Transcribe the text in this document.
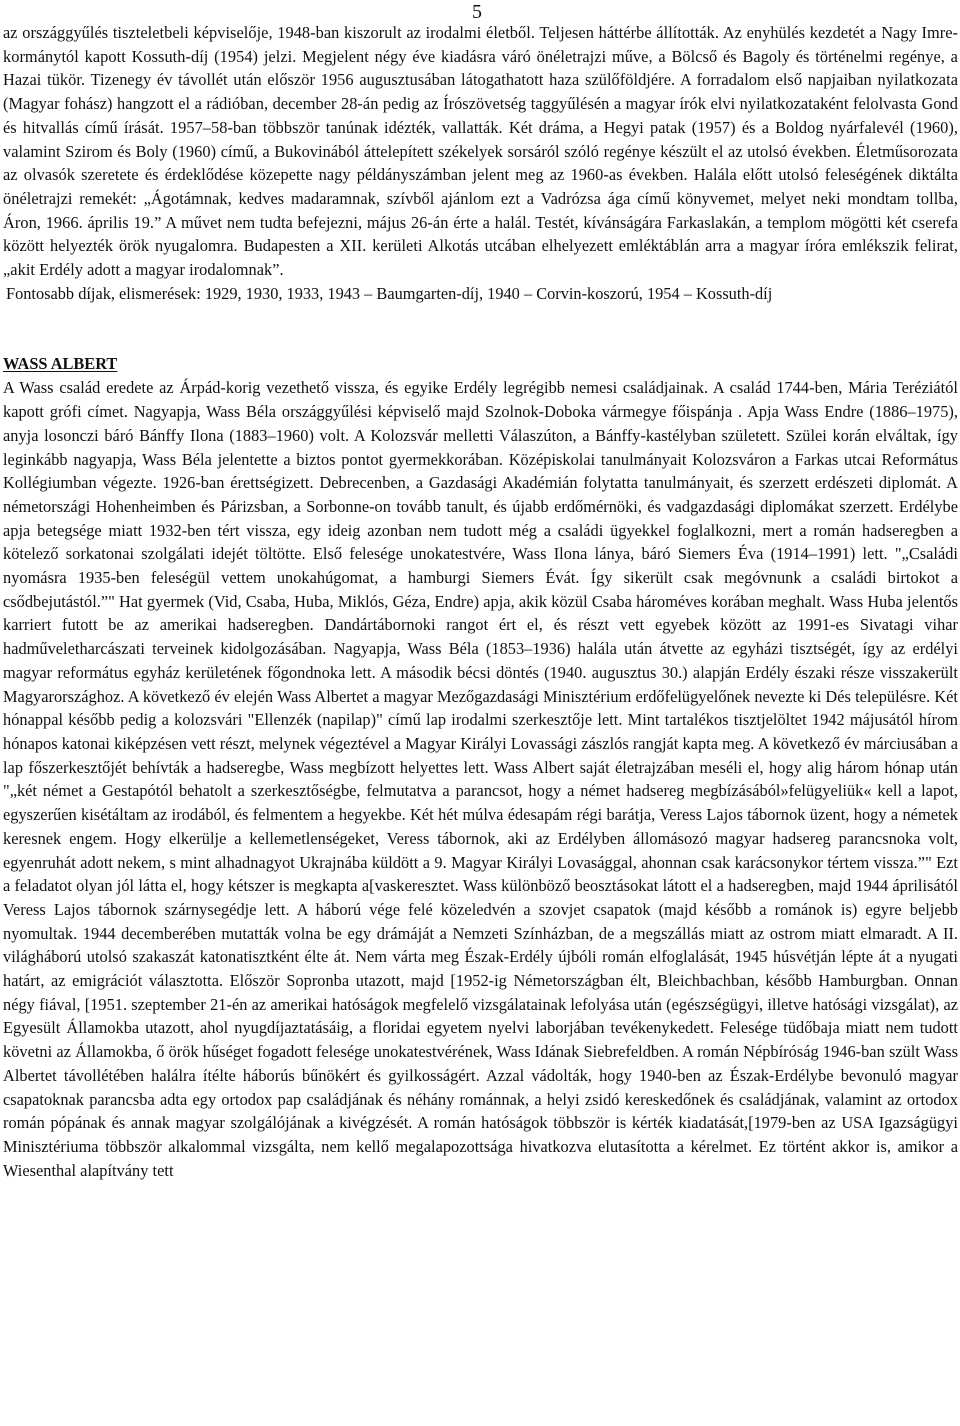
5

az országgyűlés tiszteletbeli képviselője, 1948-ban kiszorult az irodalmi életből. Teljesen háttérbe állították. Az enyhülés kezdetét a Nagy Imre-kormánytól kapott Kossuth-díj (1954) jelzi. Megjelent négy éve kiadásra váró önéletrajzi műve, a Bölcső és Bagoly és történelmi regénye, a Hazai tükör. Tizenegy év távollét után először 1956 augusztusában látogathatott haza szülőföldjére. A forradalom első napjaiban nyilatkozata (Magyar fohász) hangzott el a rádióban, december 28-án pedig az Írószövetség taggyűlésén a magyar írók elvi nyilatkozataként felolvasta Gond és hitvallás című írását. 1957–58-ban többször tanúnak idézték, vallatták. Két dráma, a Hegyi patak (1957) és a Boldog nyárfalevél (1960), valamint Szirom és Boly (1960) című, a Bukovinából áttelepített székelyek sorsáról szóló regénye készült el az utolsó években. Életműsorozata az olvasók szeretete és érdeklődése közepette nagy példányszámban jelent meg az 1960-as években. Halála előtt utolsó feleségének diktálta önéletrajzi remekét: „Ágotámnak, kedves madaramnak, szívből ajánlom ezt a Vadrózsa ága című könyvemet, melyet neki mondtam tollba, Áron, 1966. április 19.” A művet nem tudta befejezni, május 26-án érte a halál. Testét, kívánságára Farkaslakán, a templom mögötti két cserefa között helyezték örök nyugalomra. Budapesten a XII. kerületi Alkotás utcában elhelyezett emléktáblán arra a magyar íróra emlékszik felirat, „akit Erdély adott a magyar irodalomnak”.

Fontosabb díjak, elismerések: 1929, 1930, 1933, 1943 – Baumgarten-díj, 1940 – Corvin-koszorú, 1954 – Kossuth-díj

WASS ALBERT

A Wass család eredete az Árpád-korig vezethető vissza, és egyike Erdély legrégibb nemesi családjainak. A család 1744-ben, Mária Teréziától kapott grófi címet. Nagyapja, Wass Béla országgyűlési képviselő majd Szolnok-Doboka vármegye főispánja . Apja Wass Endre (1886–1975), anyja losonczi báró Bánffy Ilona (1883–1960) volt. A Kolozsvár melletti Válaszúton, a Bánffy-kastélyban született. Szülei korán elváltak, így leginkább nagyapja, Wass Béla jelentette a biztos pontot gyermekkorában. Középiskolai tanulmányait Kolozsváron a Farkas utcai Református Kollégiumban végezte. 1926-ban érettségizett. Debrecenben, a Gazdasági Akadémián folytatta tanulmányait, és szerzett erdészeti diplomát. A németországi Hohenheimben és Párizsban, a Sorbonne-on tovább tanult, és újabb erdőmérnöki, és vadgazdasági diplomákat szerzett. Erdélybe apja betegsége miatt 1932-ben tért vissza, egy ideig azonban nem tudott még a családi ügyekkel foglalkozni, mert a román hadseregben a kötelező sorkatonai szolgálati idejét töltötte. Első felesége unokatestvére, Wass Ilona lánya, báró Siemers Éva (1914–1991) lett. "„Családi nyomásra 1935-ben feleségül vettem unokahúgomat, a hamburgi Siemers Évát. Így sikerült csak megóvnunk a családi birtokot a csődbejutástól.”" Hat gyermek (Vid, Csaba, Huba, Miklós, Géza, Endre) apja, akik közül Csaba hároméves korában meghalt. Wass Huba jelentős karriert futott be az amerikai hadseregben. Dandártábornoki rangot ért el, és részt vett egyebek között az 1991-es Sivatagi vihar hadműveletharcászati terveinek kidolgozásában. Nagyapja, Wass Béla (1853–1936) halála után átvette az egyházi tisztségét, így az erdélyi magyar református egyház kerületének főgondnoka lett. A második bécsi döntés (1940. augusztus 30.) alapján Erdély északi része visszakerült Magyarországhoz. A következő év elején Wass Albertet a magyar Mezőgazdasági Minisztérium erdőfelügyelőnek nevezte ki Dés településre. Két hónappal később pedig a kolozsvári "Ellenzék (napilap)" című lap irodalmi szerkesztője lett. Mint tartalékos tisztjelöltet 1942 májusától hírom hónapos katonai kiképzésen vett részt, melynek végeztével a Magyar Királyi Lovassági zászlós rangját kapta meg. A következő év márciusában a lap főszerkesztőjét behívták a hadseregbe, Wass megbízott helyettes lett. Wass Albert saját életrajzában meséli el, hogy alig három hónap után "„két német a Gestapótól behatolt a szerkesztőségbe, felmutatva a parancsot, hogy a német hadsereg megbízásából»felügyeliük« kell a lapot, egyszerűen kisétáltam az irodából, és felmentem a hegyekbe. Két hét múlva édesapám régi barátja, Veress Lajos tábornok üzent, hogy a németek keresnek engem. Hogy elkerülje a kellemetlenségeket, Veress tábornok, aki az Erdélyben állomásozó magyar hadsereg parancsnoka volt, egyenruhát adott nekem, s mint alhadnagyot Ukrajnába küldött a 9. Magyar Királyi Lovasággal, ahonnan csak karácsonykor tértem vissza.”" Ezt a feladatot olyan jól látta el, hogy kétszer is megkapta a[vaskeresztet. Wass különböző beosztásokat látott el a hadseregben, majd 1944 áprilisától Veress Lajos tábornok szárnysegédje lett. A háború vége felé közeledvén a szovjet csapatok (majd később a románok is) egyre beljebb nyomultak. 1944 decemberében mutatták volna be egy drámáját a Nemzeti Színházban, de a megszállás miatt az ostrom miatt elmaradt. A II. világháború utolsó szakaszát katonatisztként élte át. Nem várta meg Észak-Erdély újbóli román elfoglalását, 1945 húsvétján lépte át a nyugati határt, az emigrációt választotta. Először Sopronba utazott, majd [1952-ig Németországban élt, Bleichbachban, később Hamburgban. Onnan négy fiával, [1951. szeptember 21-én az amerikai hatóságok megfelelő vizsgálatainak lefolyása után (egészségügyi, illetve hatósági vizsgálat), az Egyesült Államokba utazott, ahol nyugdíjaztatásáig, a floridai egyetem nyelvi laborjában tevékenykedett. Felesége tüdőbaja miatt nem tudott követni az Államokba, ő örök hűséget fogadott felesége unokatestvérének, Wass Idának Siebrefeldben. A román Népbíróság 1946-ban szült Wass Albertet távollétében halálra ítélte háborús bűnökért és gyilkosságért. Azzal vádolták, hogy 1940-ben az Észak-Erdélybe bevonuló magyar csapatoknak parancsba adta egy ortodox pap családjának és néhány románnak, a helyi zsidó kereskedőnek és családjának, valamint az ortodox román pópának és annak magyar szolgálójának a kivégzését. A román hatóságok többször is kérték kiadatását,[1979-ben az USA Igazságügyi Minisztériuma többször alkalommal vizsgálta, nem kellő megalapozottsága hivatkozva elutasította a kérelmet. Ez történt akkor is, amikor a Wiesenthal alapítvány tett
